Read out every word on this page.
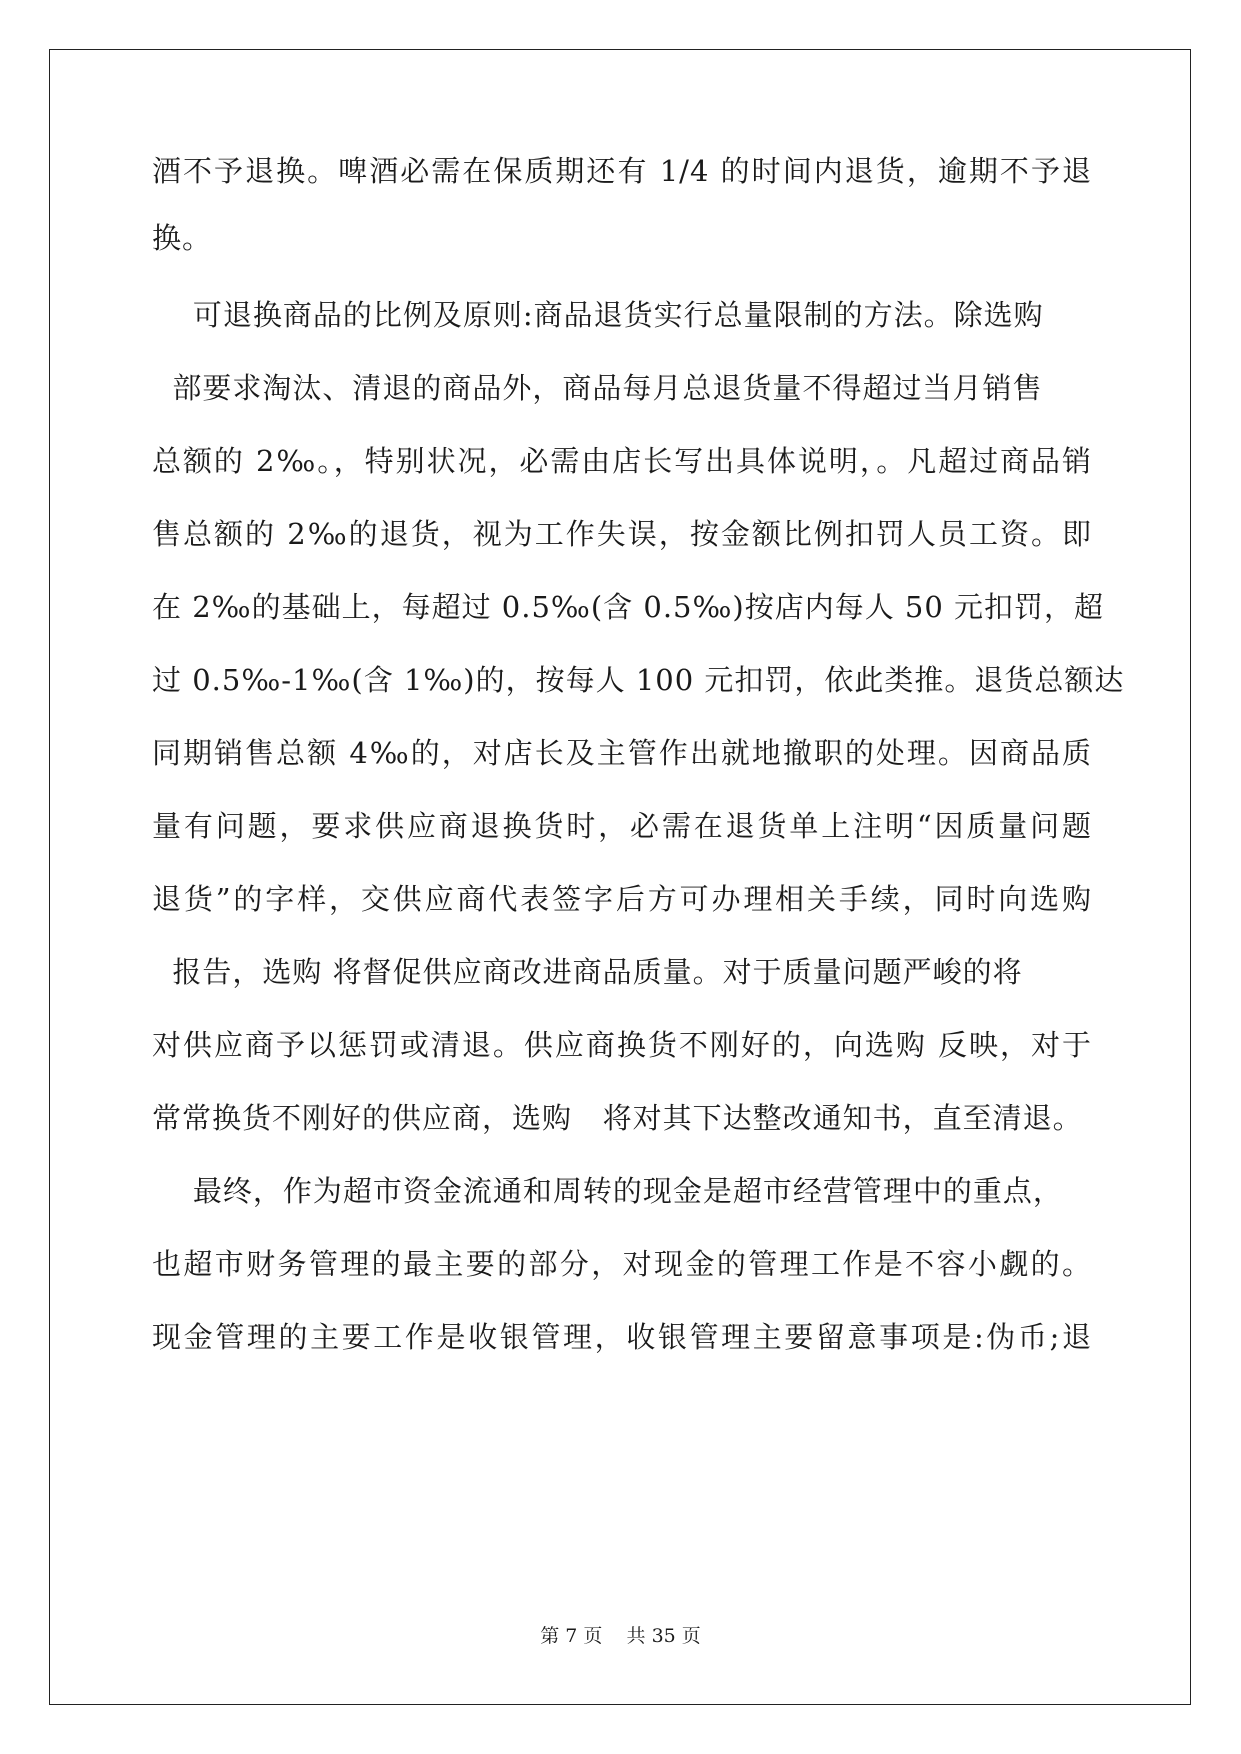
酒不予退换。啤酒必需在保质期还有 1/4 的时间内退货，逾期不予退
换。
可退换商品的比例及原则:商品退货实行总量限制的方法。除选购
部要求淘汰、清退的商品外，商品每月总退货量不得超过当月销售
总额的 2‰。，特别状况，必需由店长写出具体说明，。凡超过商品销
售总额的 2‰的退货，视为工作失误，按金额比例扣罚人员工资。即
在 2‰的基础上，每超过 0.5‰(含 0.5‰)按店内每人 50 元扣罚，超
过 0.5‰-1‰(含 1‰)的，按每人 100 元扣罚，依此类推。退货总额达
同期销售总额 4‰的，对店长及主管作出就地撤职的处理。因商品质
量有问题，要求供应商退换货时，必需在退货单上注明“因质量问题
退货”的字样，交供应商代表签字后方可办理相关手续，同时向选购
报告，选购 将督促供应商改进商品质量。对于质量问题严峻的将
对供应商予以惩罚或清退。供应商换货不刚好的，向选购 反映，对于
常常换货不刚好的供应商，选购   将对其下达整改通知书，直至清退。
最终，作为超市资金流通和周转的现金是超市经营管理中的重点，
也超市财务管理的最主要的部分，对现金的管理工作是不容小觑的。
现金管理的主要工作是收银管理，收银管理主要留意事项是:伪币;退
第 7 页    共 35 页
